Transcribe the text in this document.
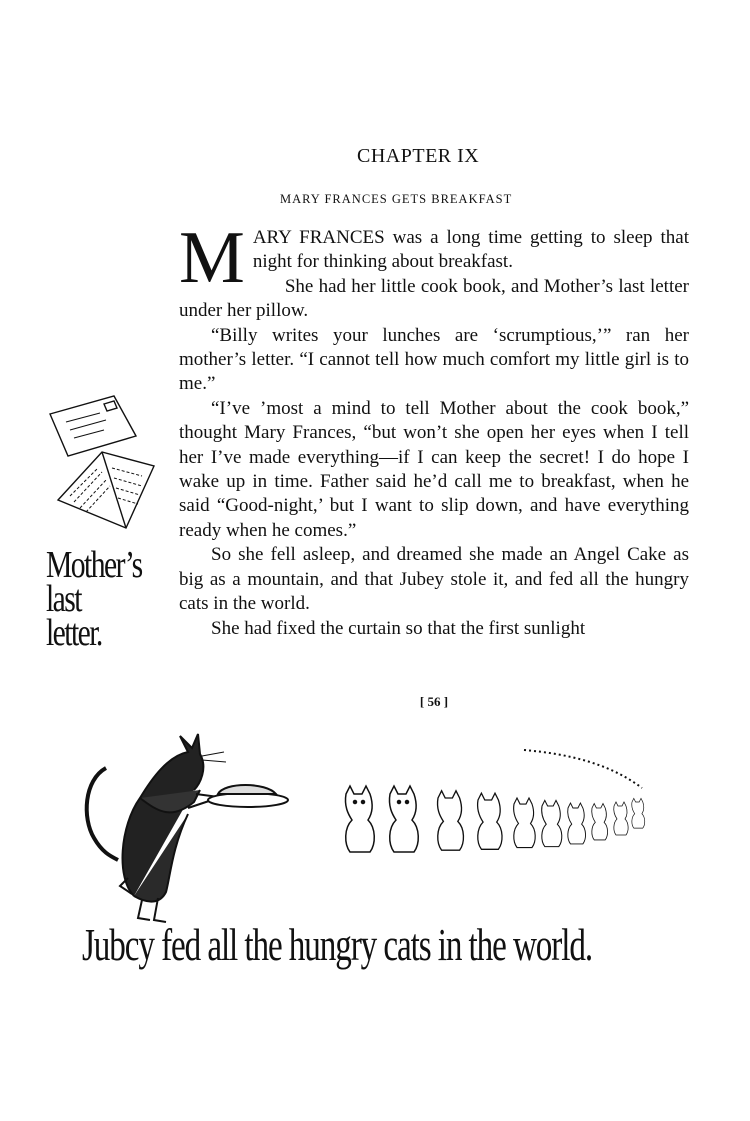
CHAPTER IX
MARY FRANCES GETS BREAKFAST

MARY FRANCES was a long time getting to sleep that night for thinking about breakfast.

She had her little cook book, and Mother’s last letter under her pillow.

“Billy writes your lunches are ‘scrumptious,’” ran her mother’s letter. “I cannot tell how much comfort my little girl is to me.”

“I’ve ’most a mind to tell Mother about the cook book,” thought Mary Frances, “but won’t she open her eyes when I tell her I’ve made everything—if I can keep the secret! I do hope I wake up in time. Father said he’d call me to breakfast, when he said “Good-night,’ but I want to slip down, and have everything ready when he comes.”

So she fell asleep, and dreamed she made an Angel Cake as big as a mountain, and that Jubey stole it, and fed all the hungry cats in the world.

She had fixed the curtain so that the first sunlight

[ 56 ]
Mother’s
last
letter.
Jubcy fed all the hungry cats in the world.
